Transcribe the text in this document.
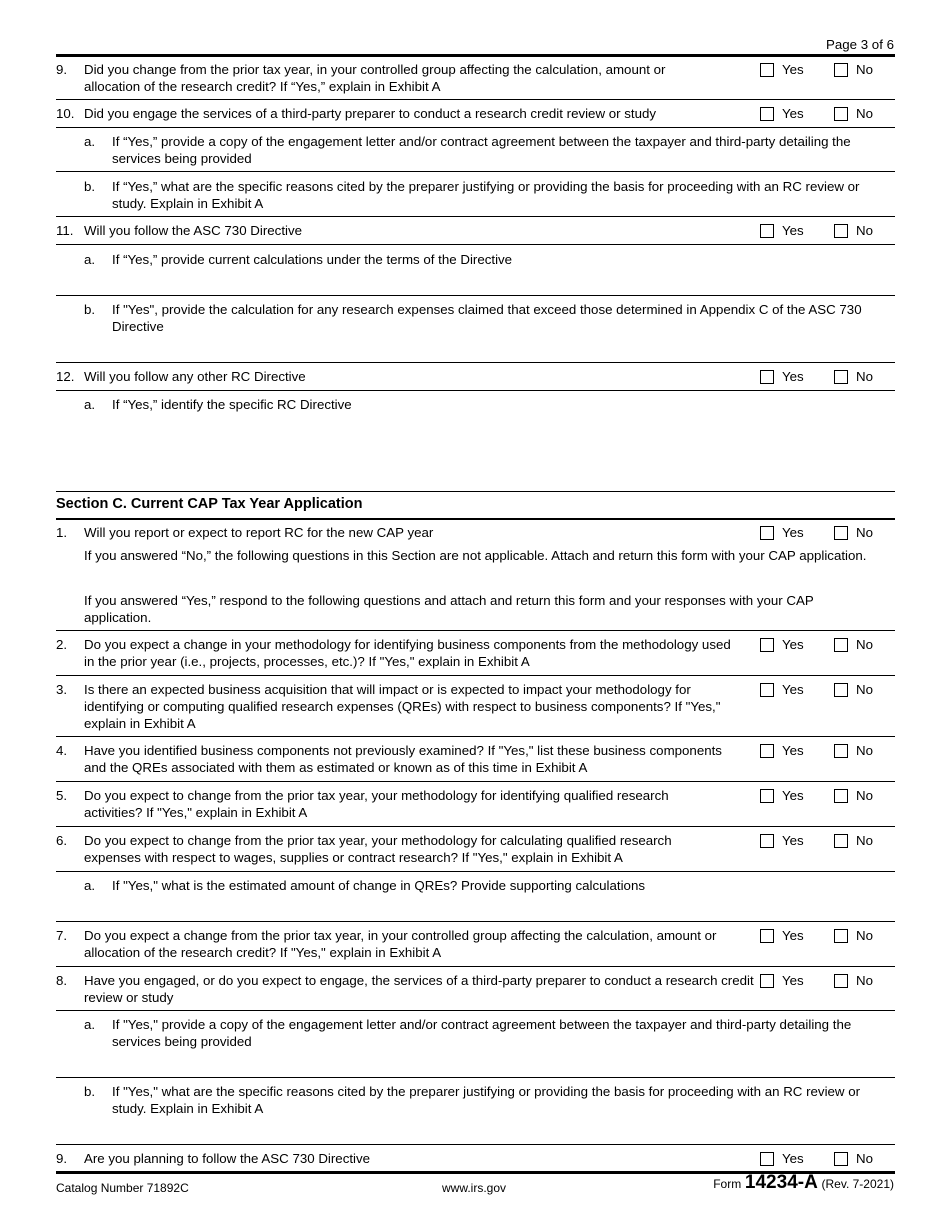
Page 3 of 6
9. Did you change from the prior tax year, in your controlled group affecting the calculation, amount or allocation of the research credit? If “Yes,” explain in Exhibit A
Yes	No
10. Did you engage the services of a third-party preparer to conduct a research credit review or study	Yes	No
a. If “Yes,” provide a copy of the engagement letter and/or contract agreement between the taxpayer and third-party detailing the services being provided
b. If “Yes,” what are the specific reasons cited by the preparer justifying or providing the basis for proceeding with an RC review or study. Explain in Exhibit A
11. Will you follow the ASC 730 Directive	Yes	No
a. If “Yes,” provide current calculations under the terms of the Directive
b. If "Yes", provide the calculation for any research expenses claimed that exceed those determined in Appendix C of the ASC 730 Directive
12. Will you follow any other RC Directive	Yes	No
a. If “Yes,” identify the specific RC Directive
Section C. Current CAP Tax Year Application
1. Will you report or expect to report RC for the new CAP year	Yes	No
If you answered “No,” the following questions in this Section are not applicable. Attach and return this form with your CAP application.
If you answered “Yes,” respond to the following questions and attach and return this form and your responses with your CAP application.
2. Do you expect a change in your methodology for identifying business components from the methodology used in the prior year (i.e., projects, processes, etc.)? If "Yes," explain in Exhibit A
Yes	No
3. Is there an expected business acquisition that will impact or is expected to impact your methodology for identifying or computing qualified research expenses (QREs) with respect to business components? If "Yes," explain in Exhibit A
Yes	No
4. Have you identified business components not previously examined? If "Yes," list these business components and the QREs associated with them as estimated or known as of this time in Exhibit A
Yes	No
5. Do you expect to change from the prior tax year, your methodology for identifying qualified research activities? If "Yes," explain in Exhibit A
Yes	No
6. Do you expect to change from the prior tax year, your methodology for calculating qualified research expenses with respect to wages, supplies or contract research? If "Yes," explain in Exhibit A
Yes	No
a. If "Yes," what is the estimated amount of change in QREs? Provide supporting calculations
7. Do you expect a change from the prior tax year, in your controlled group affecting the calculation, amount or allocation of the research credit? If "Yes," explain in Exhibit A
Yes	No
8. Have you engaged, or do you expect to engage, the services of a third-party preparer to conduct a research credit review or study
Yes	No
a. If "Yes," provide a copy of the engagement letter and/or contract agreement between the taxpayer and third-party detailing the services being provided
b. If "Yes," what are the specific reasons cited by the preparer justifying or providing the basis for proceeding with an RC review or study. Explain in Exhibit A
9. Are you planning to follow the ASC 730 Directive	Yes	No
Catalog Number 71892C	www.irs.gov	Form 14234-A (Rev. 7-2021)
